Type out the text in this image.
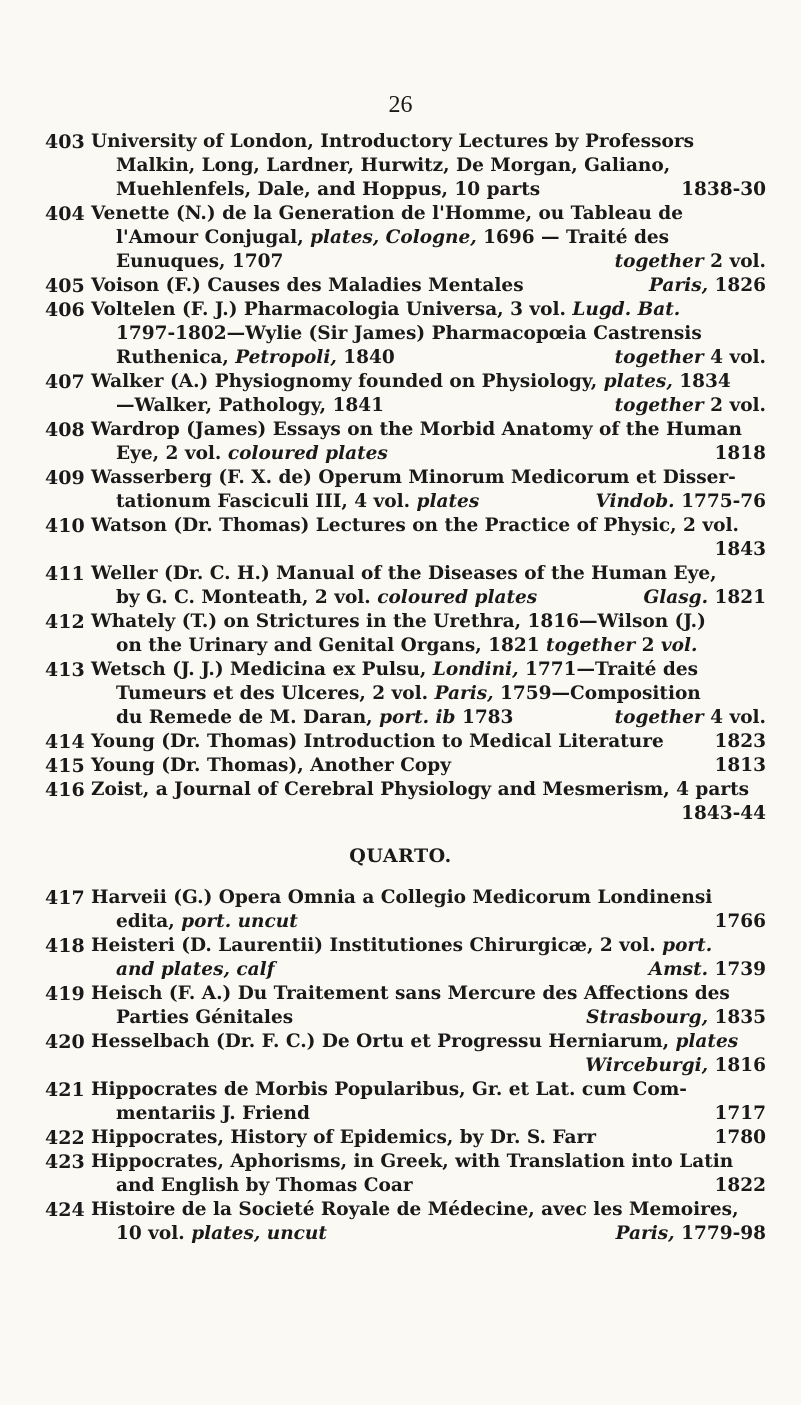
26
403 University of London, Introductory Lectures by Professors
Malkin, Long, Lardner, Hurwitz, De Morgan, Galiano,
Muehlenfels, Dale, and Hoppus, 10 parts	1838-30
404 Venette (N.) de la Generation de l'Homme, ou Tableau de
l'Amour Conjugal, plates, Cologne, 1696 — Traité des
Eunuques, 1707	together 2 vol.
405 Voison (F.) Causes des Maladies Mentales	Paris, 1826
406 Voltelen (F. J.) Pharmacologia Universa, 3 vol. Lugd. Bat.
1797-1802—Wylie (Sir James) Pharmacopœia Castrensis
Ruthenica, Petropoli, 1840	together 4 vol.
407 Walker (A.) Physiognomy founded on Physiology, plates, 1834
—Walker, Pathology, 1841	together 2 vol.
408 Wardrop (James) Essays on the Morbid Anatomy of the Human
Eye, 2 vol. coloured plates	1818
409 Wasserberg (F. X. de) Operum Minorum Medicorum et Disser-
tationum Fasciculi III, 4 vol. plates	Vindob. 1775-76
410 Watson (Dr. Thomas) Lectures on the Practice of Physic, 2 vol.
1843
411 Weller (Dr. C. H.) Manual of the Diseases of the Human Eye,
by G. C. Monteath, 2 vol. coloured plates	Glasg. 1821
412 Whately (T.) on Strictures in the Urethra, 1816—Wilson (J.)
on the Urinary and Genital Organs, 1821 together 2 vol.
413 Wetsch (J. J.) Medicina ex Pulsu, Londini, 1771—Traité des
Tumeurs et des Ulceres, 2 vol. Paris, 1759—Composition
du Remede de M. Daran, port. ib 1783	together 4 vol.
414 Young (Dr. Thomas) Introduction to Medical Literature	1823
415 Young (Dr. Thomas), Another Copy	1813
416 Zoist, a Journal of Cerebral Physiology and Mesmerism, 4 parts
1843-44
QUARTO.
417 Harveii (G.) Opera Omnia a Collegio Medicorum Londinensi
edita, port. uncut	1766
418 Heisteri (D. Laurentii) Institutiones Chirurgicæ, 2 vol. port.
and plates, calf	Amst. 1739
419 Heisch (F. A.) Du Traitement sans Mercure des Affections des
Parties Génitales	Strasbourg, 1835
420 Hesselbach (Dr. F. C.) De Ortu et Progressu Herniarum, plates
Wirceburgi, 1816
421 Hippocrates de Morbis Popularibus, Gr. et Lat. cum Com-
mentariis J. Friend	1717
422 Hippocrates, History of Epidemics, by Dr. S. Farr	1780
423 Hippocrates, Aphorisms, in Greek, with Translation into Latin
and English by Thomas Coar	1822
424 Histoire de la Societé Royale de Médecine, avec les Memoires,
10 vol. plates, uncut	Paris, 1779-98
